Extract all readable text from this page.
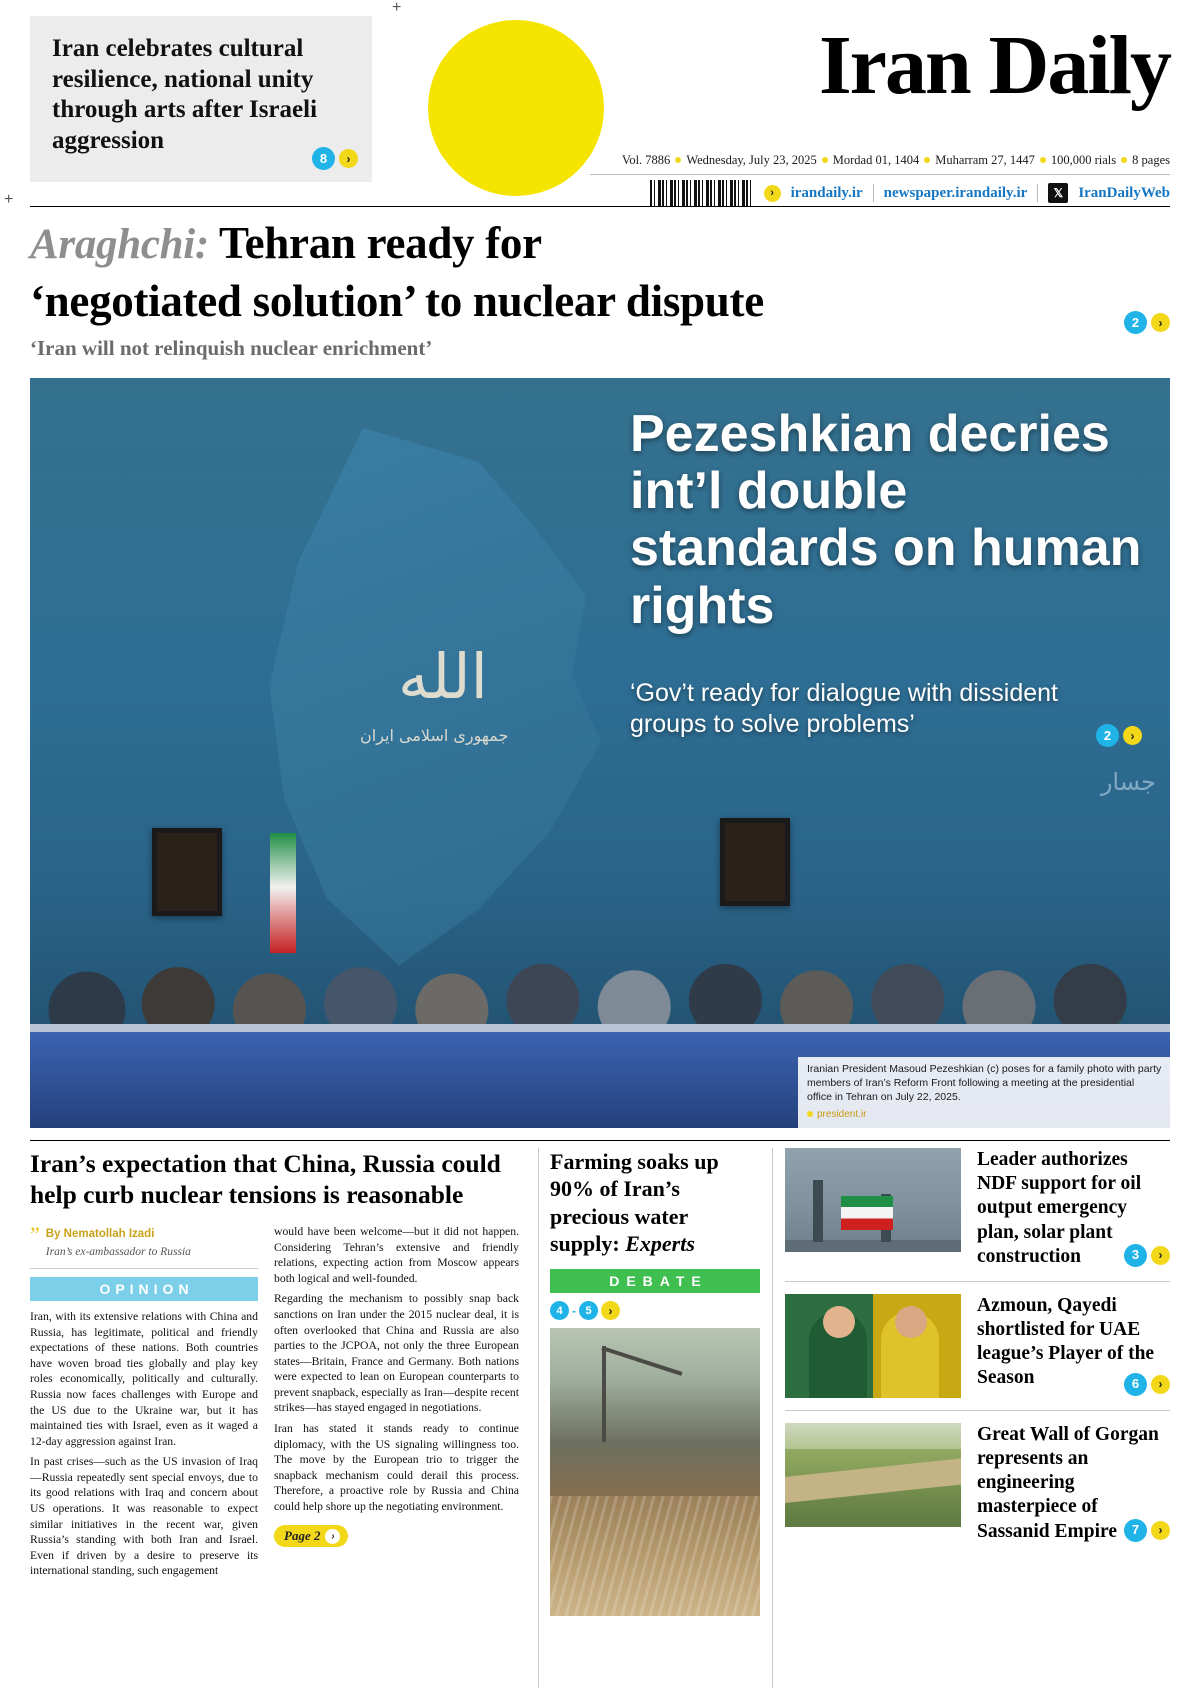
+
+
Iran celebrates cultural resilience, national unity through arts after Israeli aggression
8	›
Iran Daily
Vol. 7886 Wednesday, July 23, 2025 Mordad 01, 1404 Muharram 27, 1447 100,000 rials 8 pages
›	irandaily.ir newspaper.irandaily.ir	𝕏	IranDailyWeb
Araghchi: Tehran ready for
‘negotiated solution’ to nuclear dispute
‘Iran will not relinquish nuclear enrichment’
2	›
الله
جمهوری اسلامی ایران
Pezeshkian decries int’l double standards on human rights
‘Gov’t ready for dialogue with dissident groups to solve problems’	2	›
جسار
Iranian President Masoud Pezeshkian (c) poses for a family photo with party members of Iran’s Reform Front following a meeting at the presidential office in Tehran on July 22, 2025.
president.ir
Iran’s expectation that China, Russia could help curb nuclear tensions is reasonable
” By Nematollah Izadi
Iran’s ex-ambassador to Russia
OPINION

Iran, with its extensive relations with China and Russia, has legitimate, political and friendly expectations of these nations. Both countries have woven broad ties globally and play key roles economically, politically and culturally. Russia now faces challenges with Europe and the US due to the Ukraine war, but it has maintained ties with Israel, even as it waged a 12-day aggression against Iran.

In past crises—such as the US invasion of Iraq—Russia repeatedly sent special envoys, due to its good relations with Iraq and concern about US operations. It was reasonable to expect similar initiatives in the recent war, given Russia’s standing with both Iran and Israel. Even if driven by a desire to preserve its international standing, such engagement

would have been welcome—but it did not happen. Considering Tehran’s extensive and friendly relations, expecting action from Moscow appears both logical and well-founded.

Regarding the mechanism to possibly snap back sanctions on Iran under the 2015 nuclear deal, it is often overlooked that China and Russia are also parties to the JCPOA, not only the three European states—Britain, France and Germany. Both nations were expected to lean on European counterparts to prevent snapback, especially as Iran—despite recent strikes—has stayed engaged in negotiations.

Iran has stated it stands ready to continue diplomacy, with the US signaling willingness too. The move by the European trio to trigger the snapback mechanism could derail this process. Therefore, a proactive role by Russia and China could help shore up the negotiating environment.

Page 2	›
Farming soaks up 90% of Iran’s precious water supply: Experts
DEBATE
4 - 5	›
Leader authorizes NDF support for oil output emergency plan, solar plant construction	3	›
Azmoun, Qayedi shortlisted for UAE league’s Player of the Season	6	›
Great Wall of Gorgan represents an engineering masterpiece of Sassanid Empire	7	›
